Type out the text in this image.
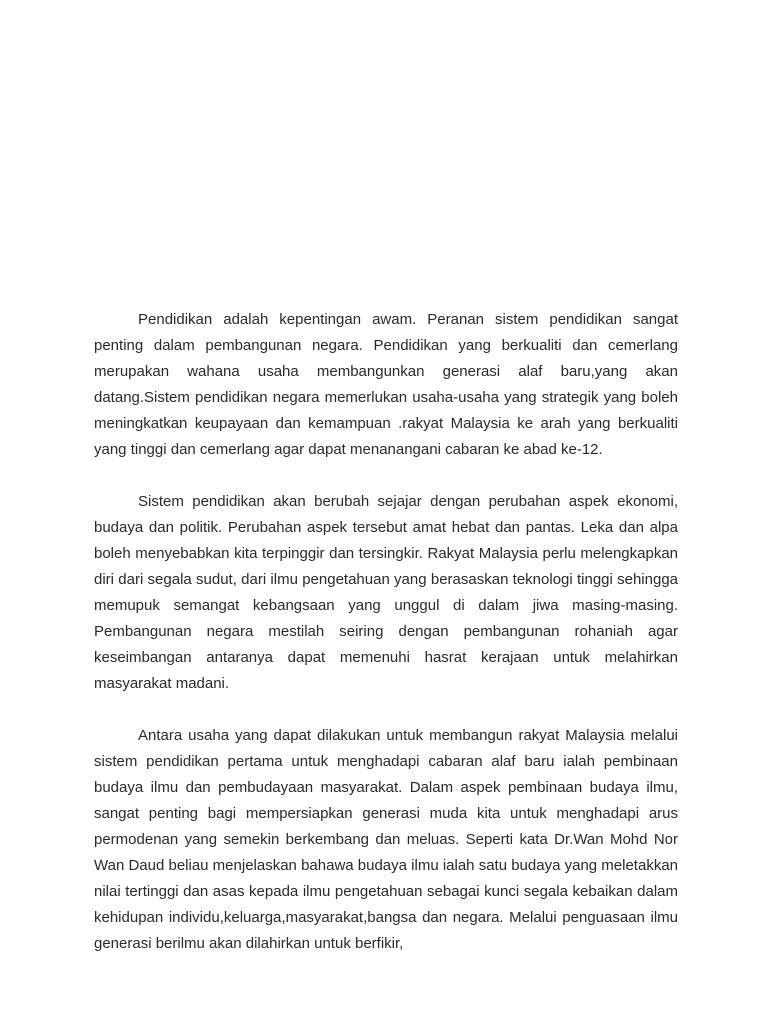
Pendidikan adalah kepentingan awam. Peranan sistem pendidikan sangat penting dalam pembangunan negara. Pendidikan yang berkualiti dan cemerlang merupakan wahana usaha membangunkan generasi alaf baru,yang akan datang.Sistem pendidikan negara memerlukan usaha-usaha yang strategik yang boleh meningkatkan keupayaan dan kemampuan .rakyat Malaysia ke arah yang berkualiti yang tinggi dan cemerlang agar dapat menanangani cabaran ke abad ke-12.

Sistem pendidikan akan berubah sejajar dengan perubahan aspek ekonomi, budaya dan politik. Perubahan aspek tersebut amat hebat dan pantas. Leka dan alpa boleh menyebabkan kita terpinggir dan tersingkir. Rakyat Malaysia perlu melengkapkan diri dari segala sudut, dari ilmu pengetahuan yang berasaskan teknologi tinggi sehingga memupuk semangat kebangsaan yang unggul di dalam jiwa masing-masing. Pembangunan negara mestilah seiring dengan pembangunan rohaniah agar keseimbangan antaranya dapat memenuhi hasrat kerajaan untuk melahirkan masyarakat madani.

Antara usaha yang dapat dilakukan untuk membangun rakyat Malaysia melalui sistem pendidikan pertama untuk menghadapi cabaran alaf baru ialah pembinaan budaya ilmu dan pembudayaan masyarakat. Dalam aspek pembinaan budaya ilmu, sangat penting bagi mempersiapkan generasi muda kita untuk menghadapi arus permodenan yang semekin berkembang dan meluas. Seperti kata Dr.Wan Mohd Nor Wan Daud beliau menjelaskan bahawa budaya ilmu ialah satu budaya yang meletakkan nilai tertinggi dan asas kepada ilmu pengetahuan sebagai kunci segala kebaikan dalam kehidupan individu,keluarga,masyarakat,bangsa dan negara. Melalui penguasaan ilmu generasi berilmu akan dilahirkan untuk berfikir,
